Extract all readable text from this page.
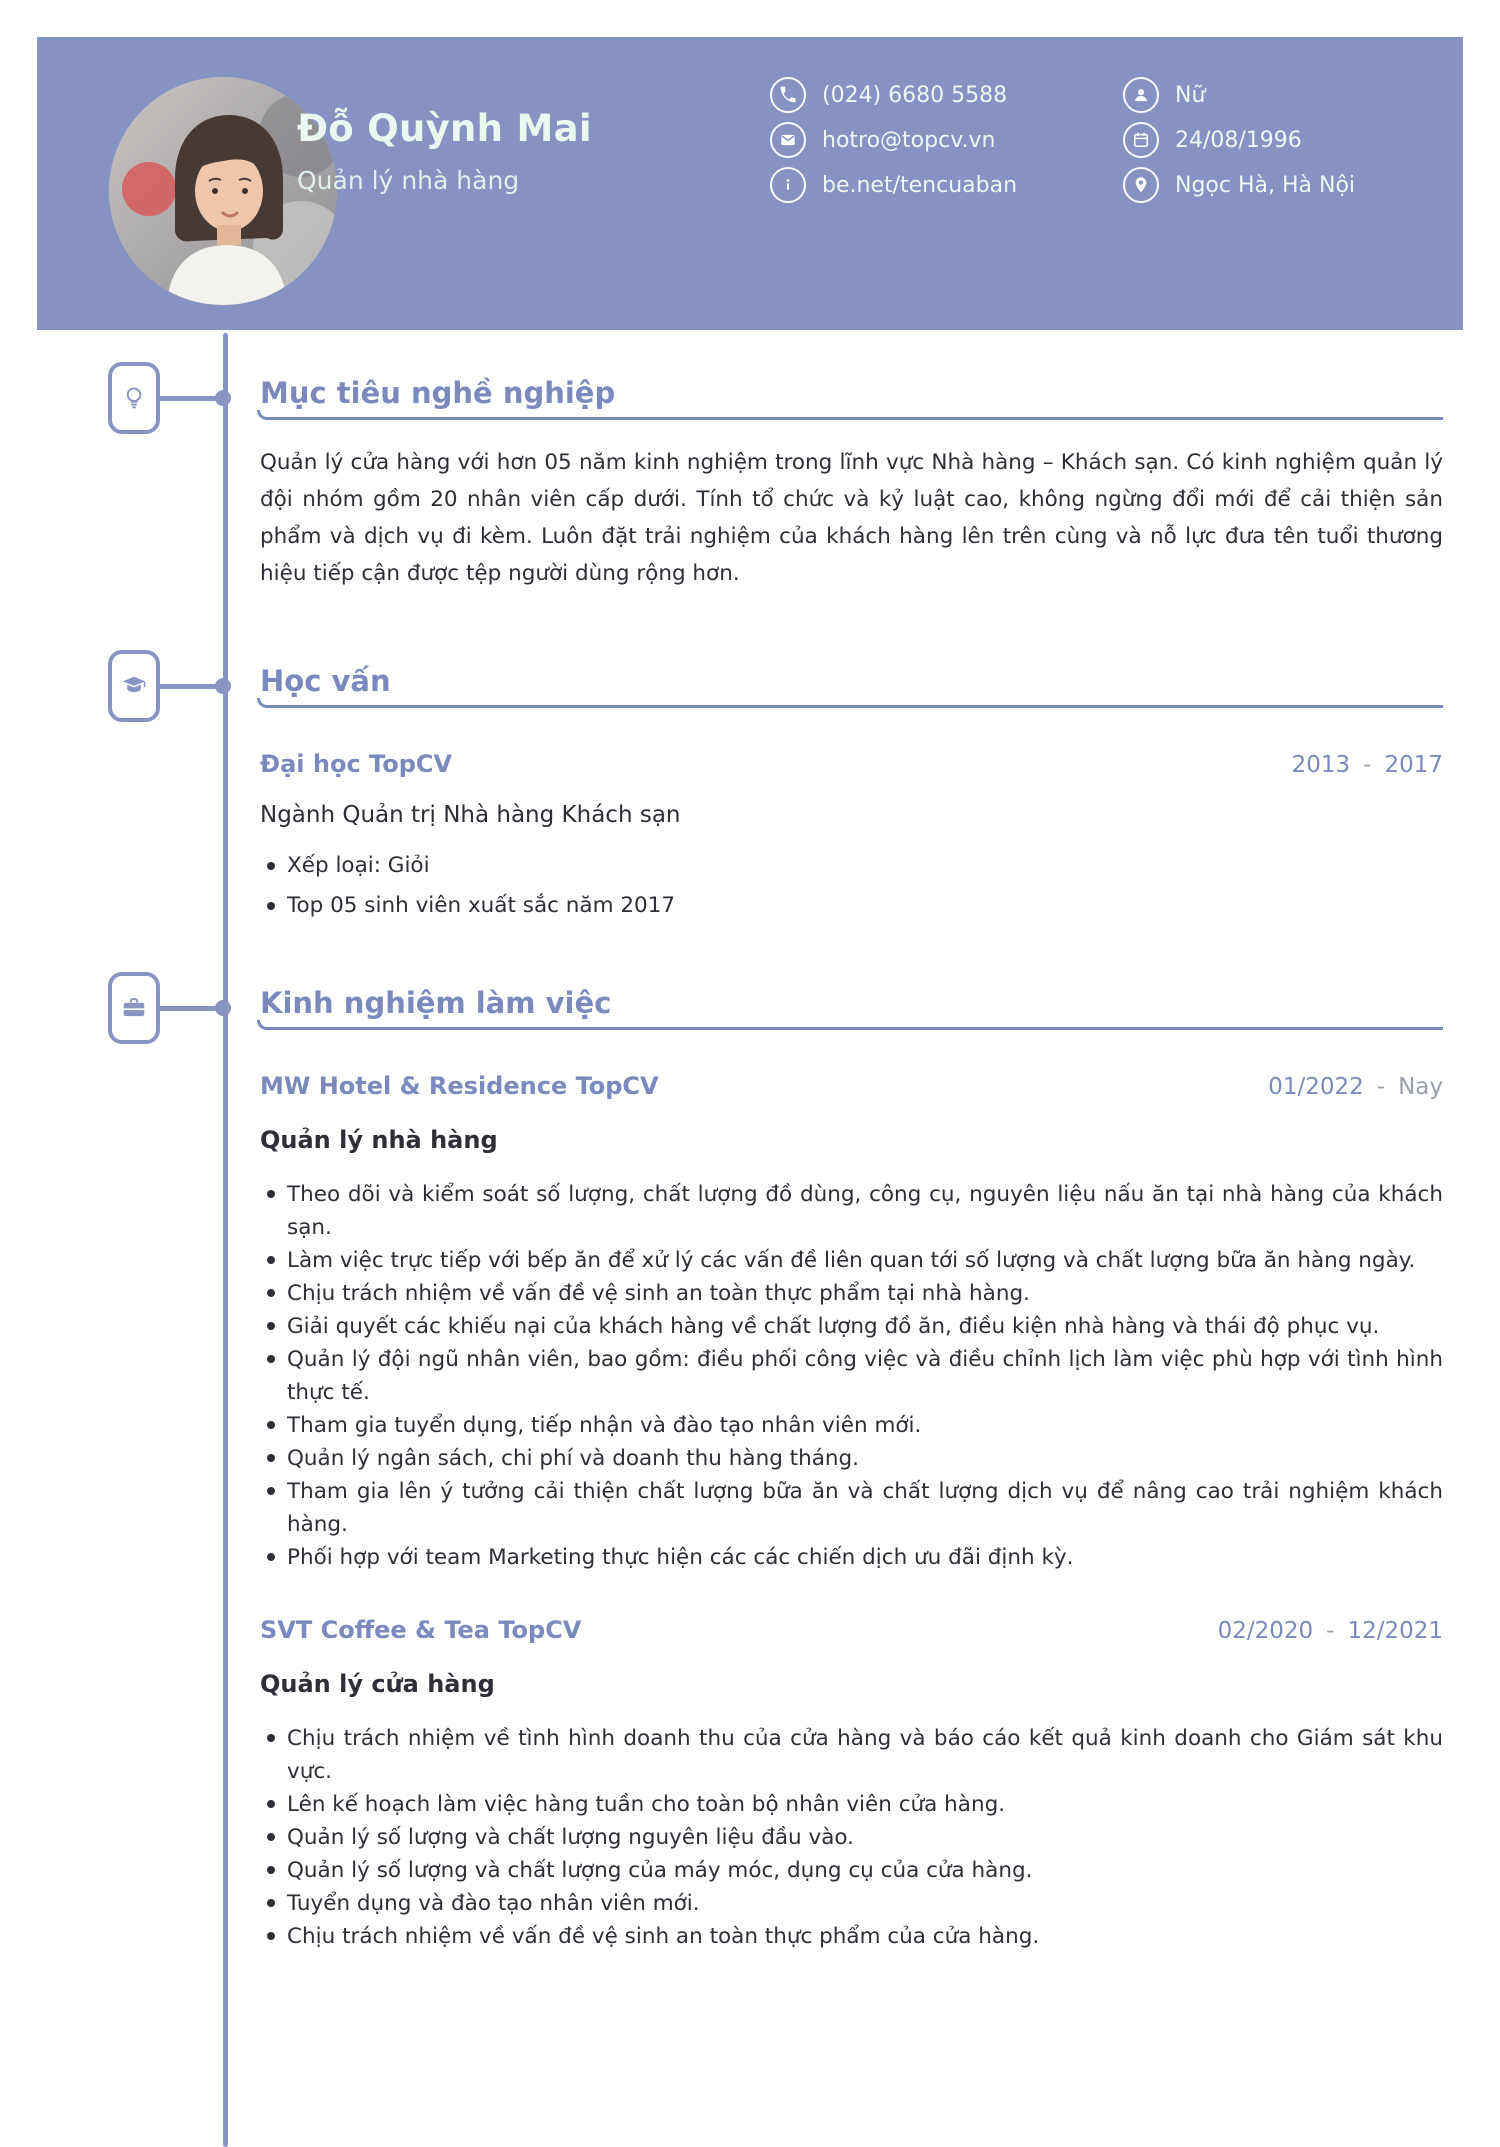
Đỗ Quỳnh Mai
Quản lý nhà hàng
(024) 6680 5588
hotro@topcv.vn
be.net/tencuaban
Nữ
24/08/1996
Ngọc Hà, Hà Nội
Mục tiêu nghề nghiệp

Quản lý cửa hàng với hơn 05 năm kinh nghiệm trong lĩnh vực Nhà hàng – Khách sạn. Có kinh nghiệm quản lý đội nhóm gồm 20 nhân viên cấp dưới. Tính tổ chức và kỷ luật cao, không ngừng đổi mới để cải thiện sản phẩm và dịch vụ đi kèm. Luôn đặt trải nghiệm của khách hàng lên trên cùng và nỗ lực đưa tên tuổi thương hiệu tiếp cận được tệp người dùng rộng hơn.

Học vấn
Đại học TopCV	2013 - 2017
Ngành Quản trị Nhà hàng Khách sạn
Xếp loại: Giỏi
Top 05 sinh viên xuất sắc năm 2017
Kinh nghiệm làm việc
MW Hotel & Residence TopCV	01/2022 - Nay
Quản lý nhà hàng
Theo dõi và kiểm soát số lượng, chất lượng đồ dùng, công cụ, nguyên liệu nấu ăn tại nhà hàng của khách sạn.
Làm việc trực tiếp với bếp ăn để xử lý các vấn đề liên quan tới số lượng và chất lượng bữa ăn hàng ngày.
Chịu trách nhiệm về vấn đề vệ sinh an toàn thực phẩm tại nhà hàng.
Giải quyết các khiếu nại của khách hàng về chất lượng đồ ăn, điều kiện nhà hàng và thái độ phục vụ.
Quản lý đội ngũ nhân viên, bao gồm: điều phối công việc và điều chỉnh lịch làm việc phù hợp với tình hình thực tế.
Tham gia tuyển dụng, tiếp nhận và đào tạo nhân viên mới.
Quản lý ngân sách, chi phí và doanh thu hàng tháng.
Tham gia lên ý tưởng cải thiện chất lượng bữa ăn và chất lượng dịch vụ để nâng cao trải nghiệm khách hàng.
Phối hợp với team Marketing thực hiện các các chiến dịch ưu đãi định kỳ.
SVT Coffee & Tea TopCV	02/2020 - 12/2021
Quản lý cửa hàng
Chịu trách nhiệm về tình hình doanh thu của cửa hàng và báo cáo kết quả kinh doanh cho Giám sát khu vực.
Lên kế hoạch làm việc hàng tuần cho toàn bộ nhân viên cửa hàng.
Quản lý số lượng và chất lượng nguyên liệu đầu vào.
Quản lý số lượng và chất lượng của máy móc, dụng cụ của cửa hàng.
Tuyển dụng và đào tạo nhân viên mới.
Chịu trách nhiệm về vấn đề vệ sinh an toàn thực phẩm của cửa hàng.
